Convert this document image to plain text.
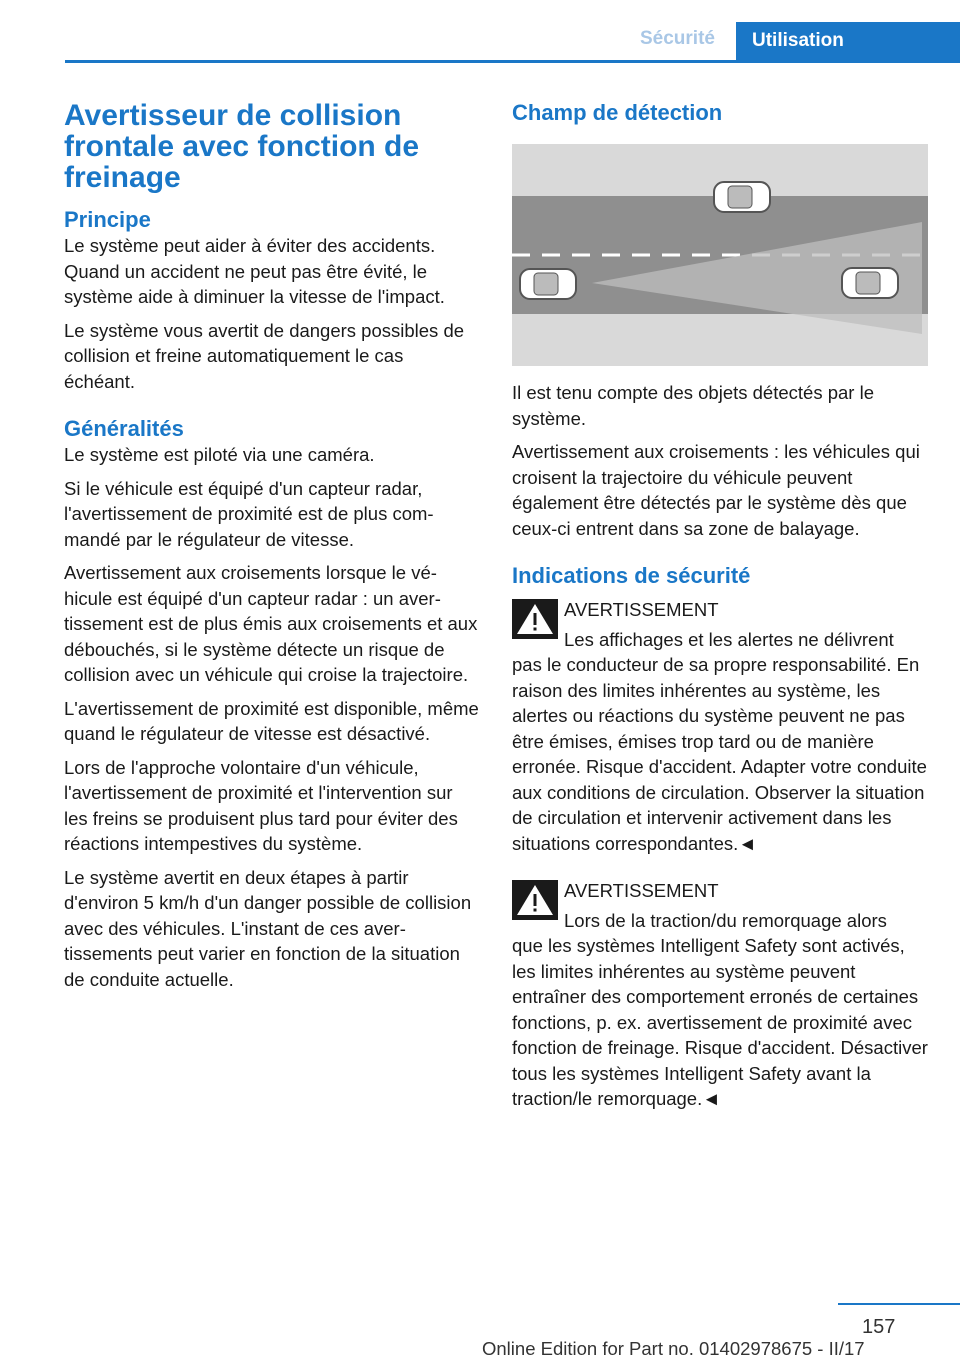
Sécurité	Utilisation
Avertisseur de collision frontale avec fonction de freinage
Principe

Le système peut aider à éviter des accidents. Quand un accident ne peut pas être évité, le système aide à diminuer la vitesse de l'impact.

Le système vous avertit de dangers possibles de collision et freine automatiquement le cas échéant.

Généralités

Le système est piloté via une caméra.

Si le véhicule est équipé d'un capteur radar, l'avertissement de proximité est de plus commandé par le régulateur de vitesse.

Avertissement aux croisements lorsque le véhicule est équipé d'un capteur radar : un avertissement est de plus émis aux croisements et aux débouchés, si le système détecte un risque de collision avec un véhicule qui croise la trajectoire.

L'avertissement de proximité est disponible, même quand le régulateur de vitesse est désactivé.

Lors de l'approche volontaire d'un véhicule, l'avertissement de proximité et l'intervention sur les freins se produisent plus tard pour éviter des réactions intempestives du système.

Le système avertit en deux étapes à partir d'environ 5 km/h d'un danger possible de collision avec des véhicules. L'instant de ces avertissements peut varier en fonction de la situation de conduite actuelle.

Champ de détection

Il est tenu compte des objets détectés par le système.

Avertissement aux croisements : les véhicules qui croisent la trajectoire du véhicule peuvent également être détectés par le système dès que ceux-ci entrent dans sa zone de balayage.

Indications de sécurité
AVERTISSEMENT

Les affichages et les alertes ne délivrent
pas le conducteur de sa propre responsabilité. En raison des limites inhérentes au système, les alertes ou réactions du système peuvent ne pas être émises, émises trop tard ou de manière erronée. Risque d'accident. Adapter votre conduite aux conditions de circulation. Observer la situation de circulation et intervenir activement dans les situations correspondantes.◄

AVERTISSEMENT

Lors de la traction/du remorquage alors
que les systèmes Intelligent Safety sont activés, les limites inhérentes au système peuvent entraîner des comportement erronés de certaines fonctions, p. ex. avertissement de proximité avec fonction de freinage. Risque d'accident. Désactiver tous les systèmes Intelligent Safety avant la traction/le remorquage.◄

157
Online Edition for Part no. 01402978675 - II/17
